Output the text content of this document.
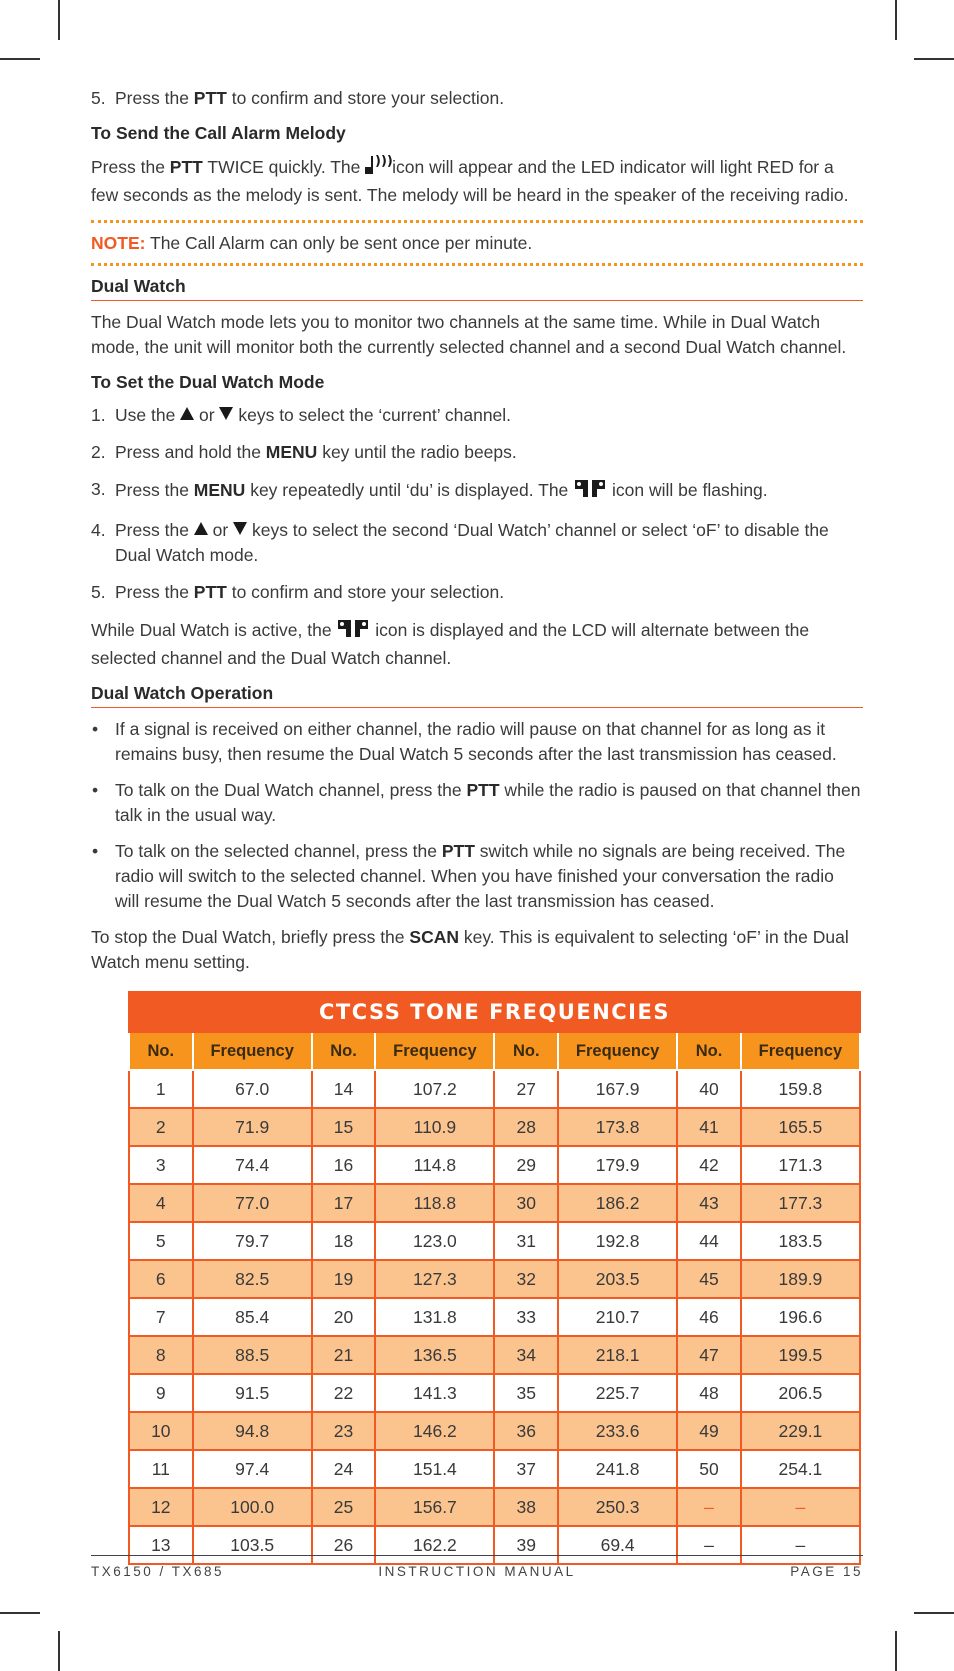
5. Press the PTT to confirm and store your selection.
To Send the Call Alarm Melody

Press the PTT TWICE quickly. The )))
icon will appear and the LED indicator will light RED for a few seconds as the melody is sent. The melody will be heard in the speaker of the receiving radio.

NOTE: The Call Alarm can only be sent once per minute.
Dual Watch

The Dual Watch mode lets you to monitor two channels at the same time. While in Dual Watch mode, the unit will monitor both the currently selected channel and a second Dual Watch channel.

To Set the Dual Watch Mode
1. Use the  or  keys to select the ‘current’ channel.
2. Press and hold the MENU key until the radio beeps.
3. Press the MENU key repeatedly until ‘du’ is displayed. The  icon will be flashing.
4. Press the  or  keys to select the second ‘Dual Watch’ channel or select ‘oF’ to disable the Dual Watch mode.
5. Press the PTT to confirm and store your selection.

While Dual Watch is active, the  icon is displayed and the LCD will alternate between the selected channel and the Dual Watch channel.

Dual Watch Operation
• If a signal is received on either channel, the radio will pause on that channel for as long as it remains busy, then resume the Dual Watch 5 seconds after the last transmission has ceased.
• To talk on the Dual Watch channel, press the PTT while the radio is paused on that channel then talk in the usual way.
• To talk on the selected channel, press the PTT switch while no signals are being received. The radio will switch to the selected channel. When you have finished your conversation the radio will resume the Dual Watch 5 seconds after the last transmission has ceased.

To stop the Dual Watch, briefly press the SCAN key. This is equivalent to selecting ‘oF’ in the Dual Watch menu setting.

CTCSS TONE FREQUENCIES
No.	Frequency	No.	Frequency	No.	Frequency	No.	Frequency
1	67.0	14	107.2	27	167.9	40	159.8
2	71.9	15	110.9	28	173.8	41	165.5
3	74.4	16	114.8	29	179.9	42	171.3
4	77.0	17	118.8	30	186.2	43	177.3
5	79.7	18	123.0	31	192.8	44	183.5
6	82.5	19	127.3	32	203.5	45	189.9
7	85.4	20	131.8	33	210.7	46	196.6
8	88.5	21	136.5	34	218.1	47	199.5
9	91.5	22	141.3	35	225.7	48	206.5
10	94.8	23	146.2	36	233.6	49	229.1
11	97.4	24	151.4	37	241.8	50	254.1
12	100.0	25	156.7	38	250.3	–	–
13	103.5	26	162.2	39	69.4	–	–
TX6150 / TX685	INSTRUCTION MANUAL	PAGE 15
